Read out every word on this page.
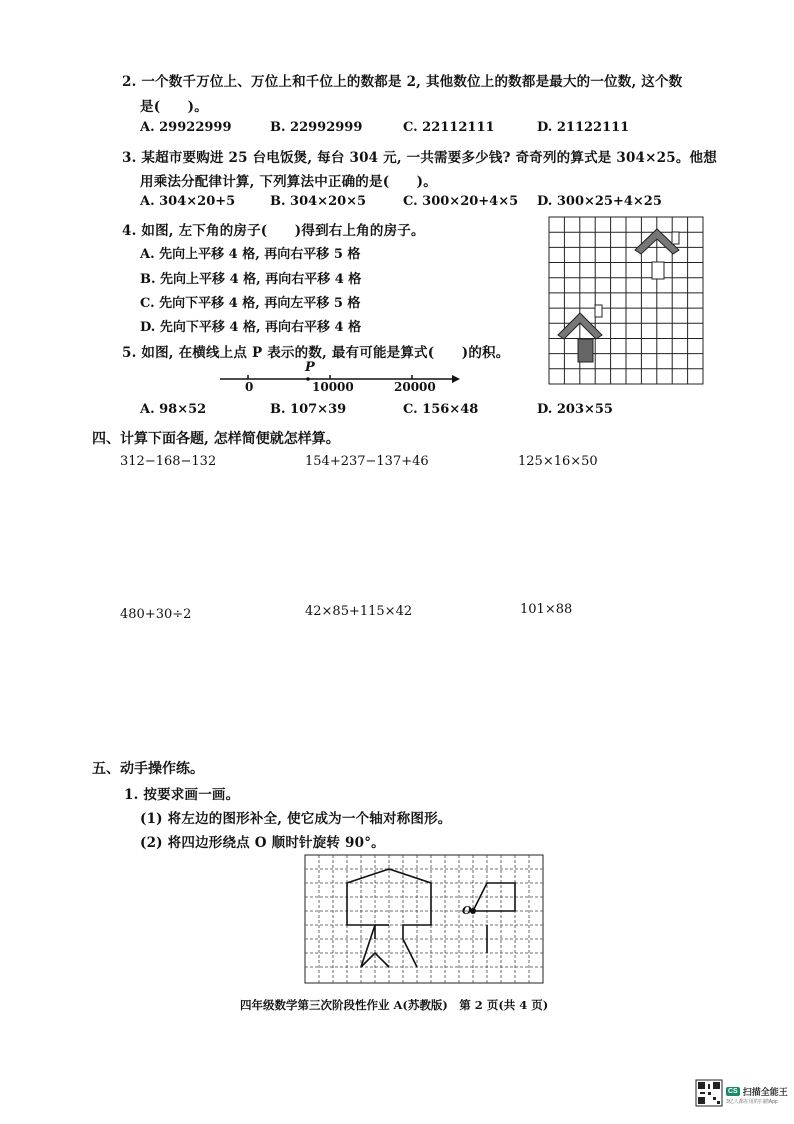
2. 一个数千万位上、万位上和千位上的数都是 2, 其他数位上的数都是最大的一位数, 这个数
是(　　)。
A. 29922999	B. 22992999	C. 22112111	D. 21122111
3. 某超市要购进 25 台电饭煲, 每台 304 元, 一共需要多少钱? 奇奇列的算式是 304×25。他想
用乘法分配律计算, 下列算法中正确的是(　　)。
A. 304×20+5	B. 304×20×5	C. 300×20+4×5 D. 300×25+4×25
4. 如图, 左下角的房子(　　)得到右上角的房子。
A. 先向上平移 4 格, 再向右平移 5 格
B. 先向上平移 4 格, 再向右平移 4 格
C. 先向下平移 4 格, 再向左平移 5 格
D. 先向下平移 4 格, 再向右平移 4 格
5. 如图, 在横线上点 P 表示的数, 最有可能是算式(　　)的积。
P
0	10000	20000
A. 98×52	B. 107×39	C. 156×48	D. 203×55
四、计算下面各题, 怎样简便就怎样算。
312−168−132	154+237−137+46	125×16×50
480+30÷2	42×85+115×42	101×88
五、动手操作练。
1. 按要求画一画。
(1) 将左边的图形补全, 使它成为一个轴对称图形。
(2) 将四边形绕点 O 顺时针旋转 90°。
O
四年级数学第三次阶段性作业 A(苏教版)　第 2 页(共 4 页)
CS 扫描全能王
3亿人都在用的扫描App
